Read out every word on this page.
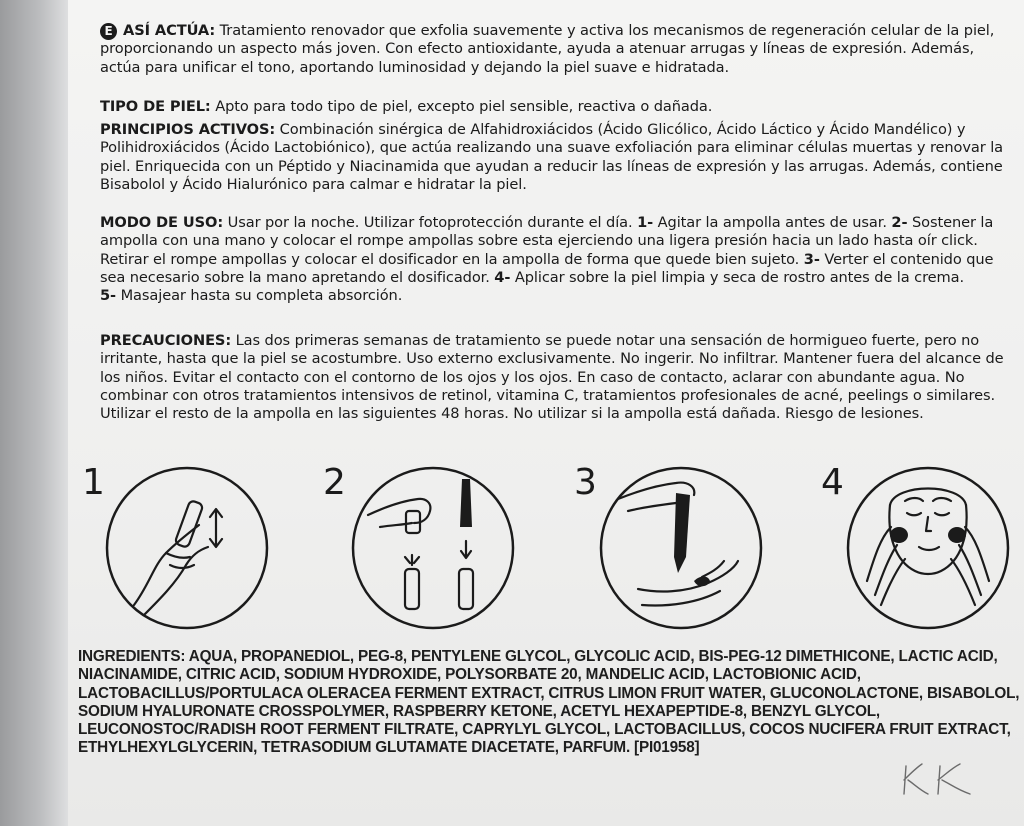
E ASÍ ACTÚA: Tratamiento renovador que exfolia suavemente y activa los mecanismos de regeneración celular de la piel, proporcionando un aspecto más joven. Con efecto antioxidante, ayuda a atenuar arrugas y líneas de expresión. Además, actúa para unificar el tono, aportando luminosidad y dejando la piel suave e hidratada.
TIPO DE PIEL: Apto para todo tipo de piel, excepto piel sensible, reactiva o dañada.
PRINCIPIOS ACTIVOS: Combinación sinérgica de Alfahidroxiácidos (Ácido Glicólico, Ácido Láctico y Ácido Mandélico) y Polihidroxiácidos (Ácido Lactobiónico), que actúa realizando una suave exfoliación para eliminar células muertas y renovar la piel. Enriquecida con un Péptido y Niacinamida que ayudan a reducir las líneas de expresión y las arrugas. Además, contiene Bisabolol y Ácido Hialurónico para calmar e hidratar la piel.
MODO DE USO: Usar por la noche. Utilizar fotoprotección durante el día. 1- Agitar la ampolla antes de usar. 2- Sostener la ampolla con una mano y colocar el rompe ampollas sobre esta ejerciendo una ligera presión hacia un lado hasta oír click. Retirar el rompe ampollas y colocar el dosificador en la ampolla de forma que quede bien sujeto. 3- Verter el contenido que sea necesario sobre la mano apretando el dosificador. 4- Aplicar sobre la piel limpia y seca de rostro antes de la crema.
5- Masajear hasta su completa absorción.
PRECAUCIONES: Las dos primeras semanas de tratamiento se puede notar una sensación de hormigueo fuerte, pero no irritante, hasta que la piel se acostumbre. Uso externo exclusivamente. No ingerir. No infiltrar. Mantener fuera del alcance de los niños. Evitar el contacto con el contorno de los ojos y los ojos. En caso de contacto, aclarar con abundante agua. No combinar con otros tratamientos intensivos de retinol, vitamina C, tratamientos profesionales de acné, peelings o similares. Utilizar el resto de la ampolla en las siguientes 48 horas. No utilizar si la ampolla está dañada. Riesgo de lesiones.
1	2	3	4
INGREDIENTS: AQUA, PROPANEDIOL, PEG-8, PENTYLENE GLYCOL, GLYCOLIC ACID, BIS-PEG-12 DIMETHICONE, LACTIC ACID, NIACINAMIDE, CITRIC ACID, SODIUM HYDROXIDE, POLYSORBATE 20, MANDELIC ACID, LACTOBIONIC ACID, LACTOBACILLUS/PORTULACA OLERACEA FERMENT EXTRACT, CITRUS LIMON FRUIT WATER, GLUCONOLACTONE, BISABOLOL, SODIUM HYALURONATE CROSSPOLYMER, RASPBERRY KETONE, ACETYL HEXAPEPTIDE-8, BENZYL GLYCOL, LEUCONOSTOC/RADISH ROOT FERMENT FILTRATE, CAPRYLYL GLYCOL, LACTOBACILLUS, COCOS NUCIFERA FRUIT EXTRACT, ETHYLHEXYLGLYCERIN, TETRASODIUM GLUTAMATE DIACETATE, PARFUM. [PI01958]
